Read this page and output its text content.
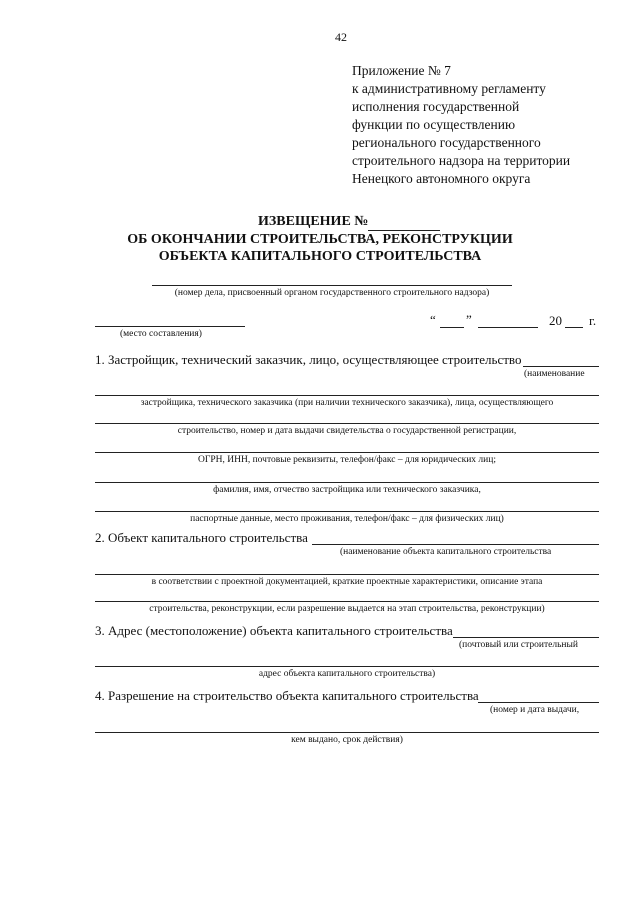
42
Приложение № 7
к административному регламенту
исполнения государственной
функции по осуществлению
регионального государственного
строительного надзора на территории
Ненецкого автономного округа
ИЗВЕЩЕНИЕ №
ОБ ОКОНЧАНИИ СТРОИТЕЛЬСТВА, РЕКОНСТРУКЦИИ
ОБЪЕКТА КАПИТАЛЬНОГО СТРОИТЕЛЬСТВА
(номер дела, присвоенный органом государственного строительного надзора)
(место составления)
“ ”	20 г.
1. Застройщик, технический заказчик, лицо, осуществляющее строительство
(наименование
застройщика, технического заказчика (при наличии технического заказчика), лица, осуществляющего
строительство, номер и дата выдачи свидетельства о государственной регистрации,
ОГРН, ИНН, почтовые реквизиты, телефон/факс – для юридических лиц;
фамилия, имя, отчество застройщика или технического заказчика,
паспортные данные, место проживания, телефон/факс – для физических лиц)
2. Объект капитального строительства
(наименование объекта капитального строительства
в соответствии с проектной документацией, краткие проектные характеристики, описание этапа
строительства, реконструкции, если разрешение выдается на этап строительства, реконструкции)
3. Адрес (местоположение) объекта капитального строительства
(почтовый или строительный
адрес объекта капитального строительства)
4. Разрешение на строительство объекта капитального строительства
(номер и дата выдачи,
кем выдано, срок действия)
